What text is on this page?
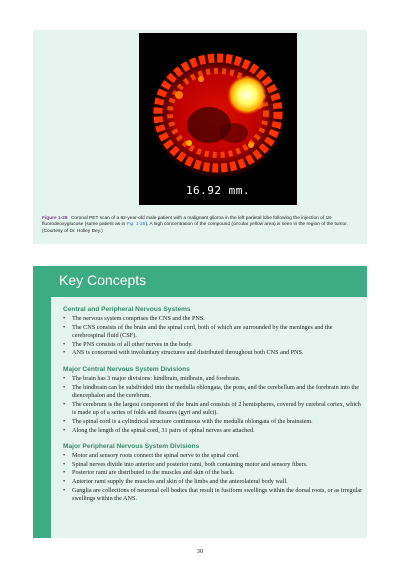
16.92 mm.
Figure 1-28 Coronal PET scan of a 62-year-old male patient with a malignant glioma in the left parietal lobe following the injection of 18-fluorodeoxyglucose (same patient as in Fig. 1-25). A high concentration of the compound (circular yellow area) is seen in the region of the tumor. (Courtesy of Dr. Holley Dey.)
Key Concepts
Central and Peripheral Nervous Systems
• The nervous system comprises the CNS and the PNS.
• The CNS consists of the brain and the spinal cord, both of which are surrounded by the meninges and the cerebrospinal fluid (CSF).
• The PNS consists of all other nerves in the body.
• ANS is concerned with involuntary structures and distributed throughout both CNS and PNS.
Major Central Nervous System Divisions
• The brain has 3 major divisions: hindbrain, midbrain, and forebrain.
• The hindbrain can be subdivided into the medulla oblongata, the pons, and the cerebellum and the forebrain into the diencephalon and the cerebrum.
• The cerebrum is the largest component of the brain and consists of 2 hemispheres, covered by cerebral cortex, which is made up of a series of folds and fissures (gyri and sulci).
• The spinal cord is a cylindrical structure continuous with the medulla oblongata of the brainstem.
• Along the length of the spinal cord, 31 pairs of spinal nerves are attached.
Major Peripheral Nervous System Divisions
• Motor and sensory roots connect the spinal nerve to the spinal cord.
• Spinal nerves divide into anterior and posterior rami, both containing motor and sensory fibers.
• Posterior rami are distributed to the muscles and skin of the back.
• Anterior rami supply the muscles and skin of the limbs and the anterolateral body wall.
• Ganglia are collections of neuronal cell bodies that result in fusiform swellings within the dorsal roots, or as irregular swellings within the ANS.
30
